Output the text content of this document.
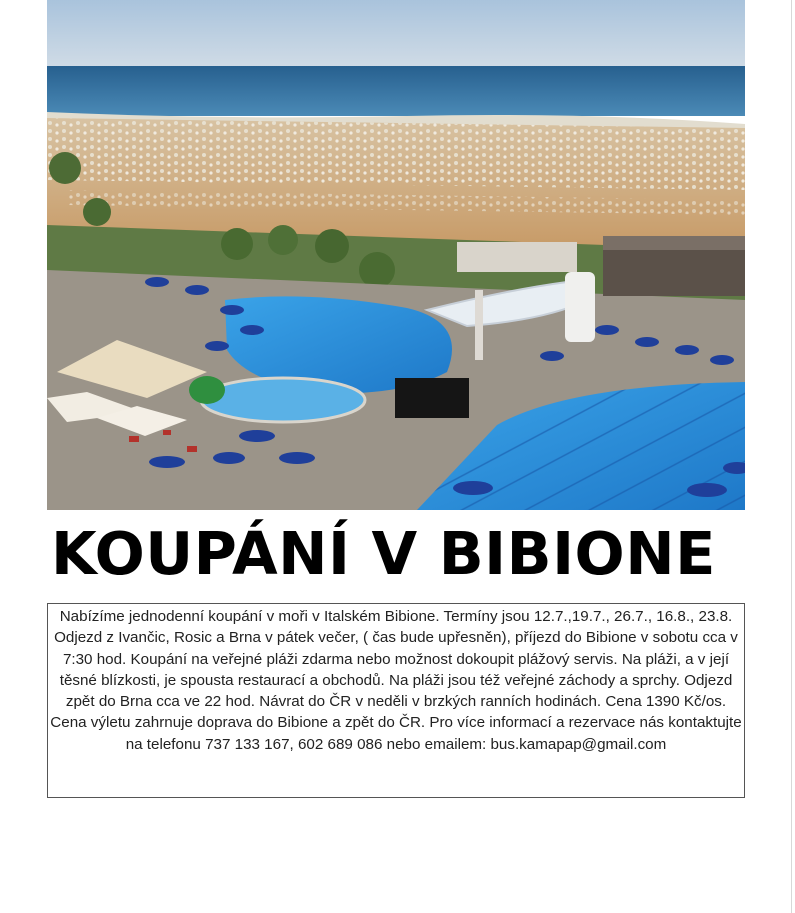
KOUPÁNÍ V BIBIONE

Nabízíme jednodenní koupání v moři v Italském Bibione. Termíny jsou 12.7.,19.7., 26.7., 16.8., 23.8. Odjezd z Ivančic, Rosic a Brna v pátek večer, ( čas bude upřesněn), příjezd do Bibione v sobotu cca v 7:30 hod. Koupání na veřejné pláži zdarma nebo možnost dokoupit plážový servis. Na pláži, a v její těsné blízkosti, je spousta restaurací a obchodů. Na pláži jsou též veřejné záchody a sprchy. Odjezd zpět do Brna cca ve 22 hod. Návrat do ČR v neděli v brzkých ranních hodinách. Cena 1390 Kč/os. Cena výletu zahrnuje doprava do Bibione a zpět do ČR. Pro více informací a rezervace nás kontaktujte na telefonu 737 133 167, 602 689 086 nebo emailem: bus.kamapap@gmail.com
